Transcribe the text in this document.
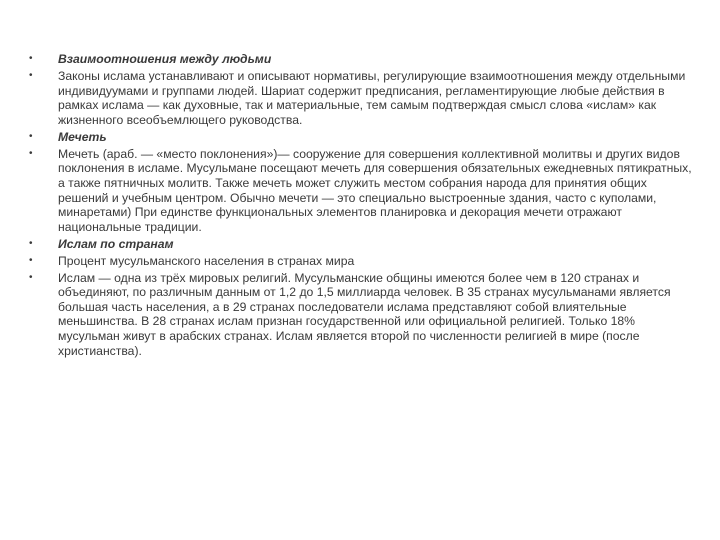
•	Взаимоотношения между людьми
•	Законы ислама устанавливают и описывают нормативы, регулирующие взаимоотношения между отдельными индивидуумами и группами людей. Шариат содержит предписания, регламентирующие любые действия в рамках ислама — как духовные, так и материальные, тем самым подтверждая смысл слова «ислам» как жизненного всеобъемлющего руководства.
•	Мечеть
•	Мечеть (араб. — «место поклонения»)— сооружение для совершения коллективной молитвы и других видов поклонения в исламе. Мусульмане посещают мечеть для совершения обязательных ежедневных пятикратных, а также пятничных молитв. Также мечеть может служить местом собрания народа для принятия общих решений и учебным центром. Обычно мечети — это специально выстроенные здания, часто с куполами, минаретами) При единстве функциональных элементов планировка и декорация мечети отражают национальные традиции.
•	Ислам по странам
•	Процент мусульманского населения в странах мира
•	Ислам — одна из трёх мировых религий. Мусульманские общины имеются более чем в 120 странах и объединяют, по различным данным от 1,2 до 1,5 миллиарда человек. В 35 странах мусульманами является большая часть населения, а в 29 странах последователи ислама представляют собой влиятельные меньшинства. В 28 странах ислам признан государственной или официальной религией. Только 18% мусульман живут в арабских странах. Ислам является второй по численности религией в мире (после христианства).
